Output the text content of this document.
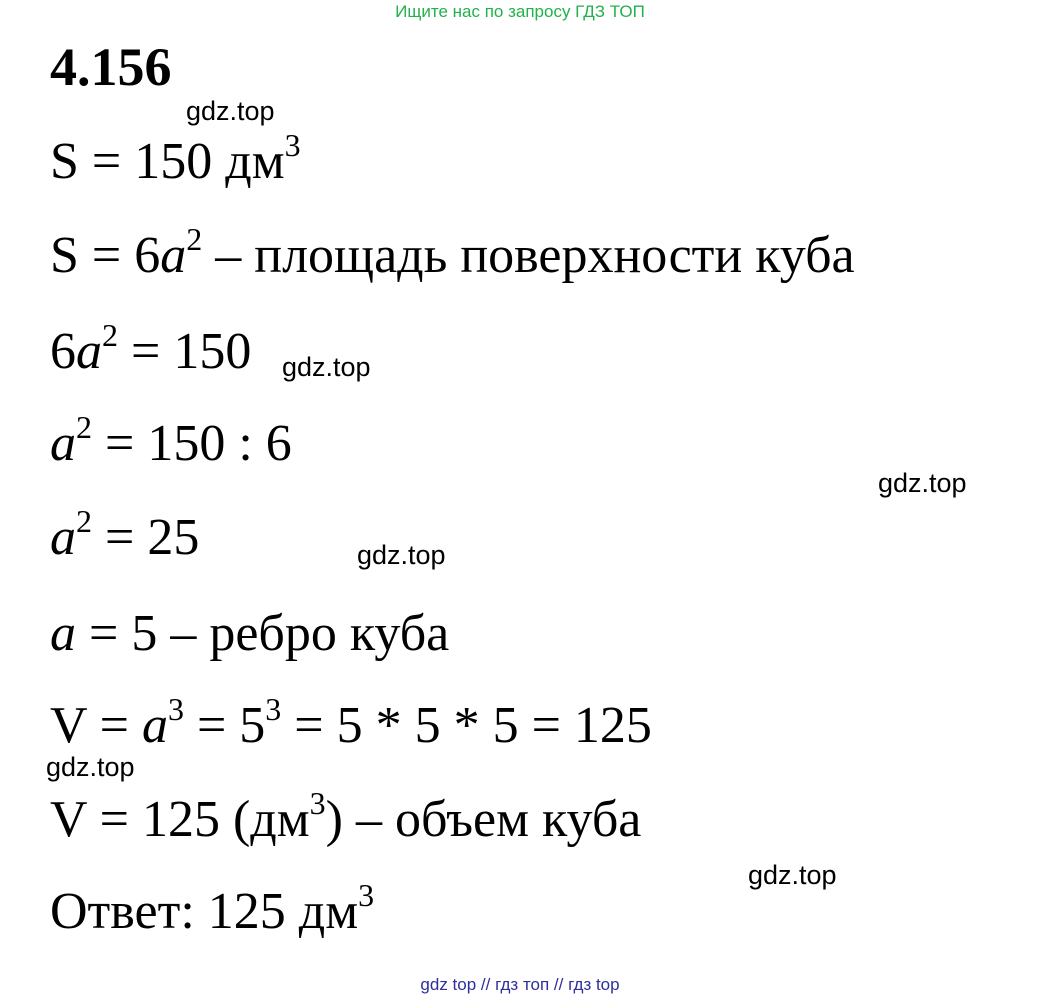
Ищите нас по запросу ГДЗ ТОП
4.156
gdz.top
S = 150 $дм^3$
$S = 6a^2$ – площадь поверхности куба
$6a^2 = 150$ gdz.top
$a^2 = 150$ : 6
gdz.top
$a^2 = 25$	gdz.top
a = 5 – ребро куба
$V = a^3 = 5^3 = 5 * 5 * 5 = 125$
gdz.top
V = 125 $(дм^3)$ – объем куба
gdz.top
Ответ: 125 $дм^3$
gdz top // гдз топ // гдз top
